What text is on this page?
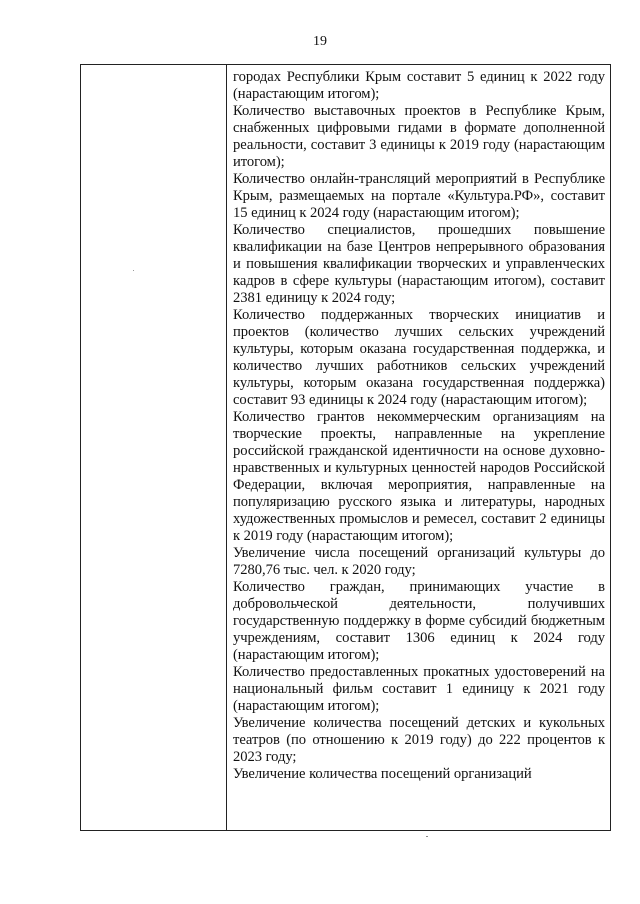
19

городах Республики Крым составит 5 единиц к 2022 году (нарастающим итогом);

Количество выставочных проектов в Республике Крым, снабженных цифровыми гидами в формате дополненной реальности, составит 3 единицы к 2019 году (нарастающим итогом);

Количество онлайн-трансляций мероприятий в Республике Крым, размещаемых на портале «Культура.РФ», составит 15 единиц к 2024 году (нарастающим итогом);

Количество специалистов, прошедших повышение квалификации на базе Центров непрерывного образования и повышения квалификации творческих и управленческих кадров в сфере культуры (нарастающим итогом), составит 2381 единицу к 2024 году;

Количество поддержанных творческих инициатив и проектов (количество лучших сельских учреждений культуры, которым оказана государственная поддержка, и количество лучших работников сельских учреждений культуры, которым оказана государственная поддержка) составит 93 единицы к 2024 году (нарастающим итогом);

Количество грантов некоммерческим организациям на творческие проекты, направленные на укрепление российской гражданской идентичности на основе духовно-нравственных и культурных ценностей народов Российской Федерации, включая мероприятия, направленные на популяризацию русского языка и литературы, народных художественных промыслов и ремесел, составит 2 единицы к 2019 году (нарастающим итогом);

Увеличение числа посещений организаций культуры до 7280,76 тыс. чел. к 2020 году;

Количество граждан, принимающих участие в добровольческой деятельности, получивших государственную поддержку в форме субсидий бюджетным учреждениям, составит 1306 единиц к 2024 году (нарастающим итогом);

Количество предоставленных прокатных удостоверений на национальный фильм составит 1 единицу к 2021 году (нарастающим итогом);

Увеличение количества посещений детских и кукольных театров (по отношению к 2019 году) до 222 процентов к 2023 году;

Увеличение количества посещений организаций
